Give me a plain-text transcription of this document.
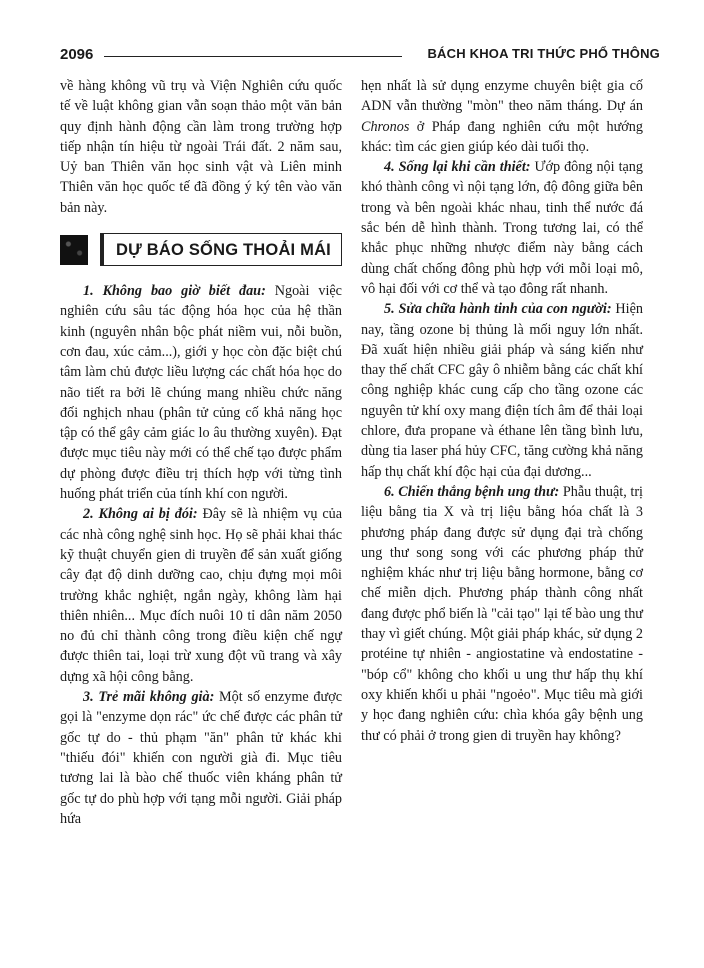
2096	BÁCH KHOA TRI THỨC PHỔ THÔNG

về hàng không vũ trụ và Viện Nghiên cứu quốc tế về luật không gian vẫn soạn thảo một văn bản quy định hành động cần làm trong trường hợp tiếp nhận tín hiệu từ ngoài Trái đất. 2 năm sau, Uỷ ban Thiên văn học sinh vật và Liên minh Thiên văn học quốc tế đã đồng ý ký tên vào văn bản này.

DỰ BÁO SỐNG THOẢI MÁI

1. Không bao giờ biết đau: Ngoài việc nghiên cứu sâu tác động hóa học của hệ thần kinh (nguyên nhân bộc phát niềm vui, nỗi buồn, cơn đau, xúc cảm...), giới y học còn đặc biệt chú tâm làm chủ được liều lượng các chất hóa học do não tiết ra bởi lẽ chúng mang nhiều chức năng đối nghịch nhau (phân tử củng cố khả năng học tập có thể gây cảm giác lo âu thường xuyên). Đạt được mục tiêu này mới có thể chế tạo được phẩm dự phòng được điều trị thích hợp với từng tình huống phát triển của tính khí con người.

2. Không ai bị đói: Đây sẽ là nhiệm vụ của các nhà công nghệ sinh học. Họ sẽ phải khai thác kỹ thuật chuyển gien di truyền để sản xuất giống cây đạt độ dinh dưỡng cao, chịu đựng mọi môi trường khắc nghiệt, ngắn ngày, không làm hại thiên nhiên... Mục đích nuôi 10 tỉ dân năm 2050 no đủ chỉ thành công trong điều kiện chế ngự được thiên tai, loại trừ xung đột vũ trang và xây dựng xã hội công bằng.

3. Trẻ mãi không già: Một số enzyme được gọi là "enzyme dọn rác" ức chế được các phân tử gốc tự do - thủ phạm "ăn" phân tử khác khi "thiếu đói" khiến con người già đi. Mục tiêu tương lai là bào chế thuốc viên kháng phân tử gốc tự do phù hợp với tạng mỗi người. Giải pháp hứa

hẹn nhất là sử dụng enzyme chuyên biệt gia cố ADN vẫn thường "mòn" theo năm tháng. Dự án Chronos ở Pháp đang nghiên cứu một hướng khác: tìm các gien giúp kéo dài tuổi thọ.

4. Sống lại khi cần thiết: Ướp đông nội tạng khó thành công vì nội tạng lớn, độ đông giữa bên trong và bên ngoài khác nhau, tinh thể nước đá sắc bén dễ hình thành. Trong tương lai, có thể khắc phục những nhược điểm này bằng cách dùng chất chống đông phù hợp với mỗi loại mô, vô hại đối với cơ thể và tạo đông rất nhanh.

5. Sửa chữa hành tinh của con người: Hiện nay, tầng ozone bị thủng là mối nguy lớn nhất. Đã xuất hiện nhiều giải pháp và sáng kiến như thay thế chất CFC gây ô nhiễm bằng các chất khí công nghiệp khác cung cấp cho tầng ozone các nguyên tử khí oxy mang điện tích âm để thải loại chlore, đưa propane và éthane lên tầng bình lưu, dùng tia laser phá hủy CFC, tăng cường khả năng hấp thụ chất khí độc hại của đại dương...

6. Chiến thắng bệnh ung thư: Phẫu thuật, trị liệu bằng tia X và trị liệu bằng hóa chất là 3 phương pháp đang được sử dụng đại trà chống ung thư song song với các phương pháp thử nghiệm khác như trị liệu bằng hormone, bằng cơ chế miễn dịch. Phương pháp thành công nhất đang được phổ biến là "cải tạo" lại tế bào ung thư thay vì giết chúng. Một giải pháp khác, sử dụng 2 protéine tự nhiên - angiostatine và endostatine - "bóp cổ" không cho khối u ung thư hấp thụ khí oxy khiến khối u phải "ngoẻo". Mục tiêu mà giới y học đang nghiên cứu: chìa khóa gây bệnh ung thư có phải ở trong gien di truyền hay không?
